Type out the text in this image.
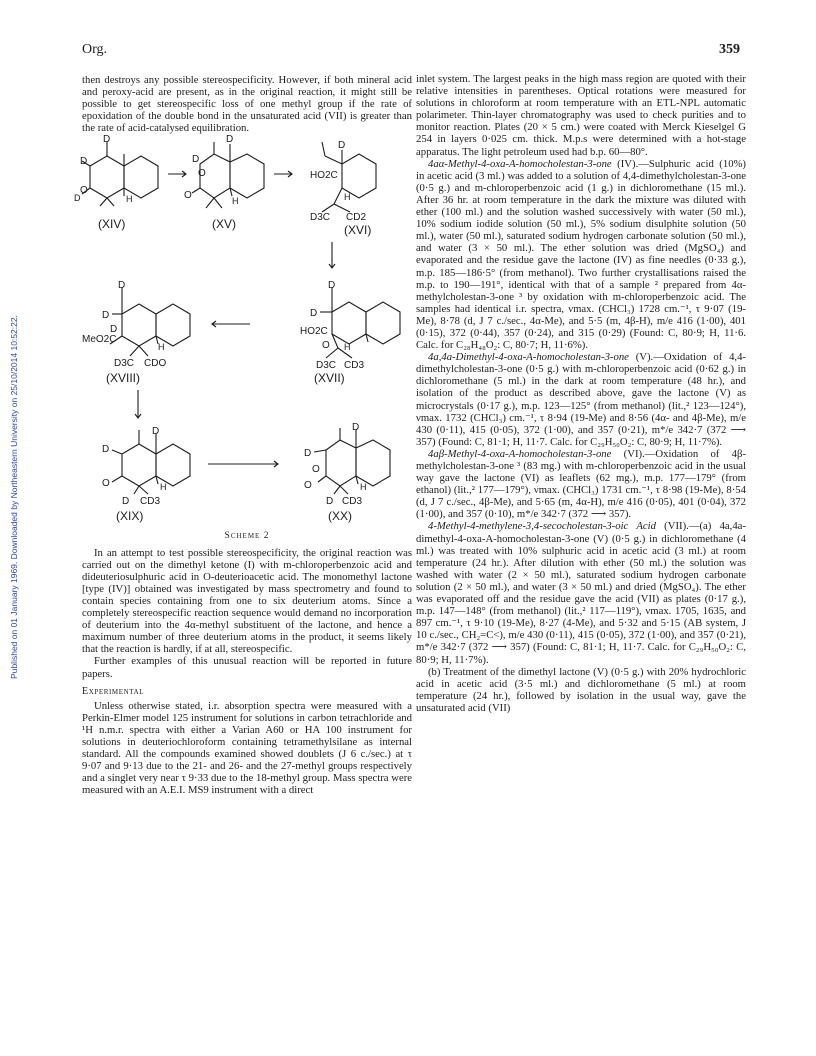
Org.	359
Published on 01 January 1969. Downloaded by Northeastern University on 25/10/2014 10:52:22.

then destroys any possible stereospecificity. However, if both mineral acid and peroxy-acid are present, as in the original reaction, it might still be possible to get stereospecific loss of one methyl group if the rate of epoxidation of the double bond in the unsaturated acid (VII) is greater than the rate of acid-catalysed equilibration.

D
D
D
O
H
D
D
O
O	H
D
HO2C
H
D3C CD2
D
D
MeO2C
D
H
D3C CDO
D
D
HO2C
O H
D3C CD3
D
D
O	H
D CD3
D
D
O
O	H
D CD3
(XIV)	(XV)	(XVI)
(XVII)
(XVIII)
(XIX)	(XX)

Scheme 2

In an attempt to test possible stereospecificity, the original reaction was carried out on the dimethyl ketone (I) with m-chloroperbenzoic acid and dideuteriosulphuric acid in O-deuterioacetic acid. The monomethyl lactone [type (IV)] obtained was investigated by mass spectrometry and found to contain species containing from one to six deuterium atoms. Since a completely stereospecific reaction sequence would demand no incorporation of deuterium into the 4α-methyl substituent of the lactone, and hence a maximum number of three deuterium atoms in the product, it seems likely that the reaction is hardly, if at all, stereospecific.

Further examples of this unusual reaction will be reported in future papers.

Experimental

Unless otherwise stated, i.r. absorption spectra were measured with a Perkin-Elmer model 125 instrument for solutions in carbon tetrachloride and ¹H n.m.r. spectra with either a Varian A60 or HA 100 instrument for solutions in deuteriochloroform containing tetramethylsilane as internal standard. All the compounds examined showed doublets (J 6 c./sec.) at τ 9·07 and 9·13 due to the 21- and 26- and the 27-methyl groups respectively and a singlet very near τ 9·33 due to the 18-methyl group. Mass spectra were measured with an A.E.I. MS9 instrument with a direct

inlet system. The largest peaks in the high mass region are quoted with their relative intensities in parentheses. Optical rotations were measured for solutions in chloroform at room temperature with an ETL-NPL automatic polarimeter. Thin-layer chromatography was used to check purities and to monitor reaction. Plates (20 × 5 cm.) were coated with Merck Kieselgel G 254 in layers 0·025 cm. thick. M.p.s were determined with a hot-stage apparatus. The light petroleum used had b.p. 60—80°.

4aα-Methyl-4-oxa-A-homocholestan-3-one (IV).—Sulphuric acid (10%) in acetic acid (3 ml.) was added to a solution of 4,4-dimethylcholestan-3-one (0·5 g.) and m-chloroperbenzoic acid (1 g.) in dichloromethane (15 ml.). After 36 hr. at room temperature in the dark the mixture was diluted with ether (100 ml.) and the solution washed successively with water (50 ml.), 10% sodium iodide solution (50 ml.), 5% sodium disulphite solution (50 ml.), water (50 ml.), saturated sodium hydrogen carbonate solution (50 ml.), and water (3 × 50 ml.). The ether solution was dried (MgSO₄) and evaporated and the residue gave the lactone (IV) as fine needles (0·33 g.), m.p. 185—186·5° (from methanol). Two further crystallisations raised the m.p. to 190—191°, identical with that of a sample ² prepared from 4α-methylcholestan-3-one ³ by oxidation with m-chloroperbenzoic acid. The samples had identical i.r. spectra, νmax. (CHCl₃) 1728 cm.⁻¹, τ 9·07 (19-Me), 8·78 (d, J 7 c./sec., 4α-Me), and 5·5 (m, 4β-H), m/e 416 (1·00), 401 (0·15), 372 (0·44), 357 (0·24), and 315 (0·29) (Found: C, 80·9; H, 11·6. Calc. for C₂₈H₄₈O₂: C, 80·7; H, 11·6%).

4a,4a-Dimethyl-4-oxa-A-homocholestan-3-one (V).—Oxidation of 4,4-dimethylcholestan-3-one (0·5 g.) with m-chloroperbenzoic acid (0·62 g.) in dichloromethane (5 ml.) in the dark at room temperature (48 hr.), and isolation of the product as described above, gave the lactone (V) as microcrystals (0·17 g.), m.p. 123—125° (from methanol) (lit.,² 123—124°), νmax. 1732 (CHCl₃) cm.⁻¹, τ 8·94 (19-Me) and 8·56 (4α- and 4β-Me), m/e 430 (0·11), 415 (0·05), 372 (1·00), and 357 (0·21), m*/e 342·7 (372 ⟶ 357) (Found: C, 81·1; H, 11·7. Calc. for C₂₉H₅₀O₂: C, 80·9; H, 11·7%).

4aβ-Methyl-4-oxa-A-homocholestan-3-one (VI).—Oxidation of 4β-methylcholestan-3-one ³ (83 mg.) with m-chloroperbenzoic acid in the usual way gave the lactone (VI) as leaflets (62 mg.), m.p. 177—179° (from ethanol) (lit.,² 177—179°), νmax. (CHCl₃) 1731 cm.⁻¹, τ 8·98 (19-Me), 8·54 (d, J 7 c./sec., 4β-Me), and 5·65 (m, 4α-H), m/e 416 (0·05), 401 (0·04), 372 (1·00), and 357 (0·10), m*/e 342·7 (372 ⟶ 357).

4-Methyl-4-methylene-3,4-secocholestan-3-oic Acid (VII).—(a) 4a,4a-dimethyl-4-oxa-A-homocholestan-3-one (V) (0·5 g.) in dichloromethane (4 ml.) was treated with 10% sulphuric acid in acetic acid (3 ml.) at room temperature (24 hr.). After dilution with ether (50 ml.) the solution was washed with water (2 × 50 ml.), saturated sodium hydrogen carbonate solution (2 × 50 ml.), and water (3 × 50 ml.) and dried (MgSO₄). The ether was evaporated off and the residue gave the acid (VII) as plates (0·17 g.), m.p. 147—148° (from methanol) (lit.,² 117—119°), νmax. 1705, 1635, and 897 cm.⁻¹, τ 9·10 (19-Me), 8·27 (4-Me), and 5·32 and 5·15 (AB system, J 10 c./sec., CH₂=C<), m/e 430 (0·11), 415 (0·05), 372 (1·00), and 357 (0·21), m*/e 342·7 (372 ⟶ 357) (Found: C, 81·1; H, 11·7. Calc. for C₂₉H₅₀O₂: C, 80·9; H, 11·7%).

(b) Treatment of the dimethyl lactone (V) (0·5 g.) with 20% hydrochloric acid in acetic acid (3·5 ml.) and dichloromethane (5 ml.) at room temperature (24 hr.), followed by isolation in the usual way, gave the unsaturated acid (VII)
